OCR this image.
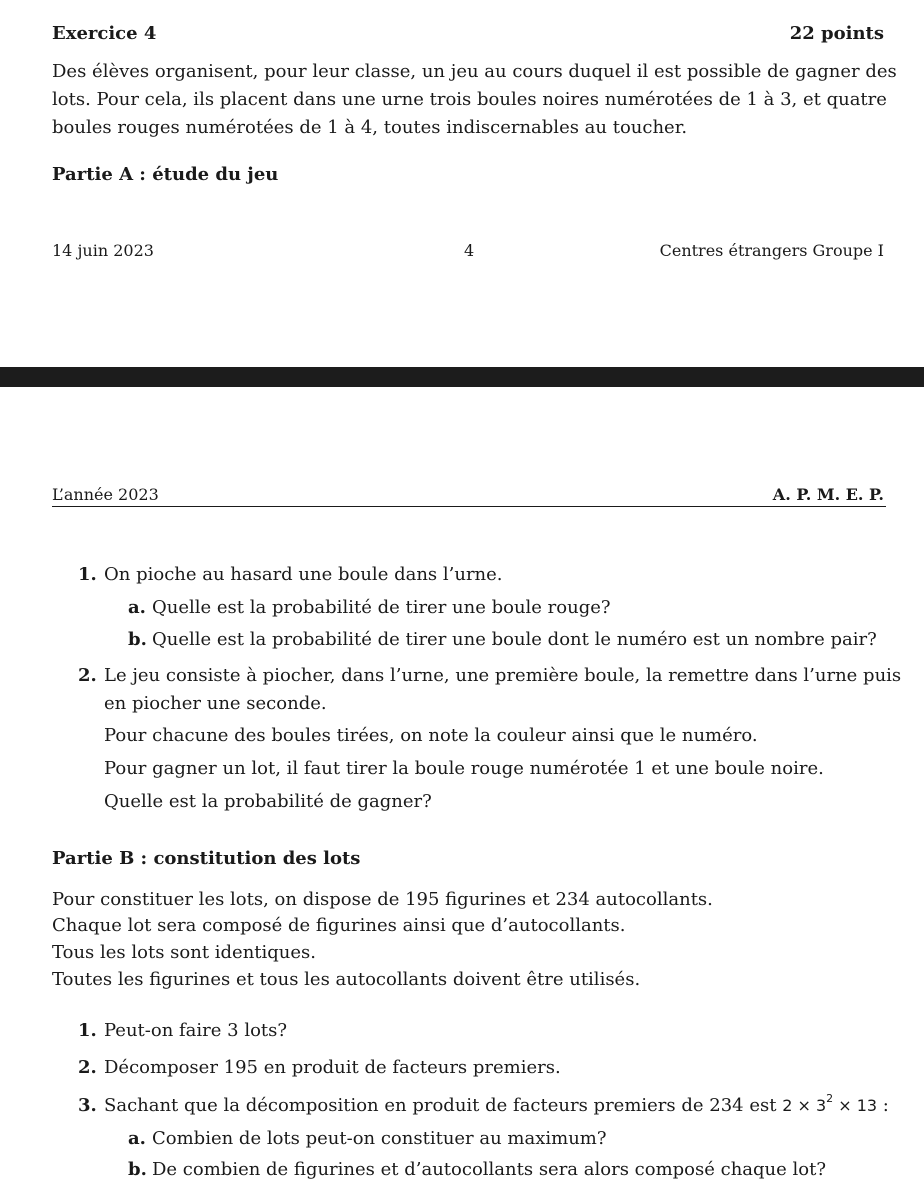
Exercice 4	22 points
Des élèves organisent, pour leur classe, un jeu au cours duquel il est possible de gagner des
lots. Pour cela, ils placent dans une urne trois boules noires numérotées de 1 à 3, et quatre
boules rouges numérotées de 1 à 4, toutes indiscernables au toucher.
Partie A : étude du jeu
14 juin 2023	4	Centres étrangers Groupe I
L’année 2023	A. P. M. E. P.
1. On pioche au hasard une boule dans l’urne.
a. Quelle est la probabilité de tirer une boule rouge?
b. Quelle est la probabilité de tirer une boule dont le numéro est un nombre pair?
2. Le jeu consiste à piocher, dans l’urne, une première boule, la remettre dans l’urne puis
en piocher une seconde.
Pour chacune des boules tirées, on note la couleur ainsi que le numéro.
Pour gagner un lot, il faut tirer la boule rouge numérotée 1 et une boule noire.
Quelle est la probabilité de gagner?
Partie B : constitution des lots
Pour constituer les lots, on dispose de 195 figurines et 234 autocollants.
Chaque lot sera composé de figurines ainsi que d’autocollants.
Tous les lots sont identiques.
Toutes les figurines et tous les autocollants doivent être utilisés.
1. Peut-on faire 3 lots?
2. Décomposer 195 en produit de facteurs premiers.
3. Sachant que la décomposition en produit de facteurs premiers de 234 est $2 \times 3^2 \times 13$ :
a. Combien de lots peut-on constituer au maximum?
b. De combien de figurines et d’autocollants sera alors composé chaque lot?
